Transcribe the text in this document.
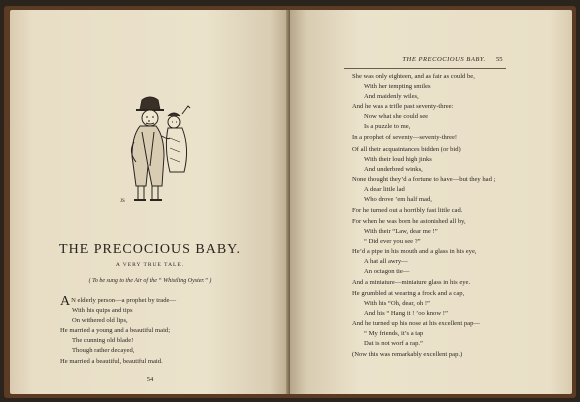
JS
THE PRECOCIOUS BABY.
A VERY TRUE TALE.
( To be sung to the Air of the “ Whistling Oyster.” )
A N elderly person—a prophet by trade—
With his quips and tips
On withered old lips,
He married a young and a beautiful maid;
The cunning old blade!
Though rather decayed,
He married a beautiful, beautiful maid.
54
THE PRECOCIOUS BABY.	55
She was only eighteen, and as fair as could be,
With her tempting smiles
And maidenly wiles,
And he was a trifle past seventy-three:
Now what she could see
Is a puzzle to me,
In a prophet of seventy—seventy-three!
Of all their acquaintances bidden (or bid)
With their loud high jinks
And underbred winks,
None thought they’d a fortune to have—but they had ;
A dear little lad
Who drove ’em half mad,
For he turned out a horribly fast little cad.
For when he was born he astonished all by,
With their “Law, dear me !”
“ Did ever you see ?”
He’d a pipe in his mouth and a glass in his eye,
A hat all awry—
An octagon tie—
And a miniature—miniature glass in his eye.
He grumbled at wearing a frock and a cap,
With his “Oh, dear, oh !”
And his “ Hang it ! ’oo know !”
And he turned up his nose at his excellent pap—
“ My friends, it’s a tap
Dat is not worf a rap.”
(Now this was remarkably excellent pap.)
